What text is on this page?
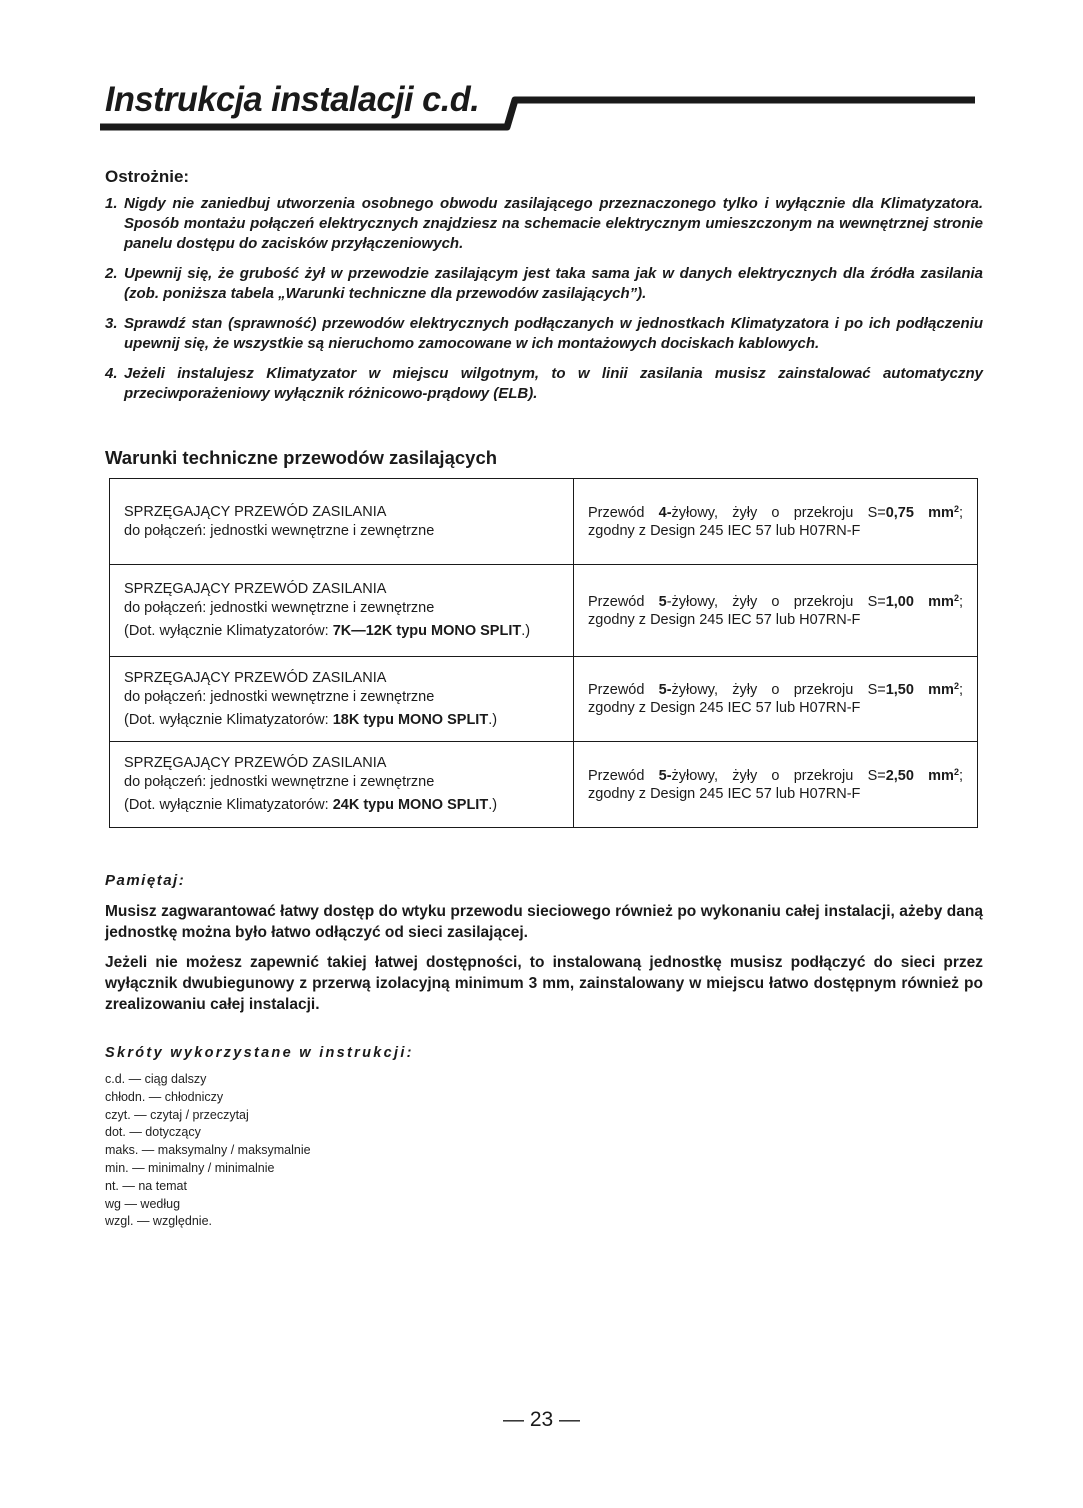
Instrukcja instalacji c.d.
Ostrożnie:
1. Nigdy nie zaniedbuj utworzenia osobnego obwodu zasilającego przeznaczonego tylko i wyłącznie dla Klimatyzatora. Sposób montażu połączeń elektrycznych znajdziesz na schemacie elektrycznym umieszczonym na wewnętrznej stronie panelu dostępu do zacisków przyłączeniowych.
2. Upewnij się, że grubość żył w przewodzie zasilającym jest taka sama jak w danych elektrycznych dla źródła zasilania (zob. poniższa tabela „Warunki techniczne dla przewodów zasilających”).
3. Sprawdź stan (sprawność) przewodów elektrycznych podłączanych w jednostkach Klimatyzatora i po ich podłączeniu upewnij się, że wszystkie są nieruchomo zamocowane w ich montażowych dociskach kablowych.
4. Jeżeli instalujesz Klimatyzator w miejscu wilgotnym, to w linii zasilania musisz zainstalować automatyczny przeciwporażeniowy wyłącznik różnicowo-prądowy (ELB).
Warunki techniczne przewodów zasilających
SPRZĘGAJĄCY PRZEWÓD ZASILANIA
do połączeń: jednostki wewnętrzne i zewnętrzne	Przewód 4-żyłowy, żyły o przekroju S=0,75 $mm^2$;
zgodny z Design 245 IEC 57 lub H07RN-F

SPRZĘGAJĄCY PRZEWÓD ZASILANIA
do połączeń: jednostki wewnętrzne i zewnętrzne
(Dot. wyłącznie Klimatyzatorów: 7K—12K typu MONO SPLIT.)	Przewód 5-żyłowy, żyły o przekroju S=1,00 $mm^2$;
zgodny z Design 245 IEC 57 lub H07RN-F

SPRZĘGAJĄCY PRZEWÓD ZASILANIA
do połączeń: jednostki wewnętrzne i zewnętrzne
(Dot. wyłącznie Klimatyzatorów: 18K typu MONO SPLIT.)	Przewód 5-żyłowy, żyły o przekroju S=1,50 $mm^2$;
zgodny z Design 245 IEC 57 lub H07RN-F

SPRZĘGAJĄCY PRZEWÓD ZASILANIA
do połączeń: jednostki wewnętrzne i zewnętrzne
(Dot. wyłącznie Klimatyzatorów: 24K typu MONO SPLIT.)	Przewód 5-żyłowy, żyły o przekroju S=2,50 $mm^2$;
zgodny z Design 245 IEC 57 lub H07RN-F
Pamiętaj:

Musisz zagwarantować łatwy dostęp do wtyku przewodu sieciowego również po wykonaniu całej instalacji, ażeby daną jednostkę można było łatwo odłączyć od sieci zasilającej.

Jeżeli nie możesz zapewnić takiej łatwej dostępności, to instalowaną jednostkę musisz podłączyć do sieci przez wyłącznik dwubiegunowy z przerwą izolacyjną minimum 3 mm, zainstalowany w miejscu łatwo dostępnym również po zrealizowaniu całej instalacji.

Skróty wykorzystane w instrukcji:
c.d. — ciąg dalszy
chłodn. — chłodniczy
czyt. — czytaj / przeczytaj
dot. — dotyczący
maks. — maksymalny / maksymalnie
min. — minimalny / minimalnie
nt. — na temat
wg — według
wzgl. — względnie.
— 23 —
